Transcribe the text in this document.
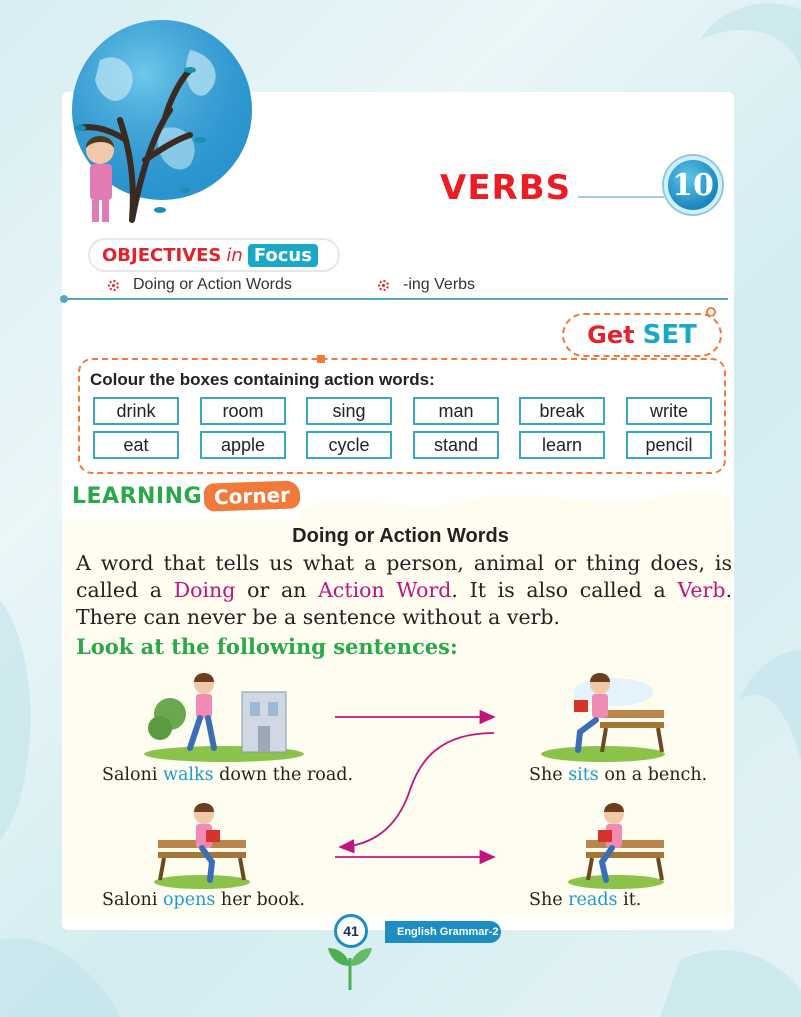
VERBS	10
OBJECTIVES in Focus
Doing or Action Words	-ing Verbs
Get SET
Colour the boxes containing action words:
drink	room	sing	man	break	write
eat	apple	cycle	stand	learn	pencil
LEARNING Corner
Doing or Action Words

A word that tells us what a person, animal or thing does, is called a Doing or an Action Word. It is also called a Verb. There can never be a sentence without a verb.

Look at the following sentences:
Saloni walks down the road.	She sits on a bench.
Saloni opens her book.	She reads it.
English Grammar-2
41
